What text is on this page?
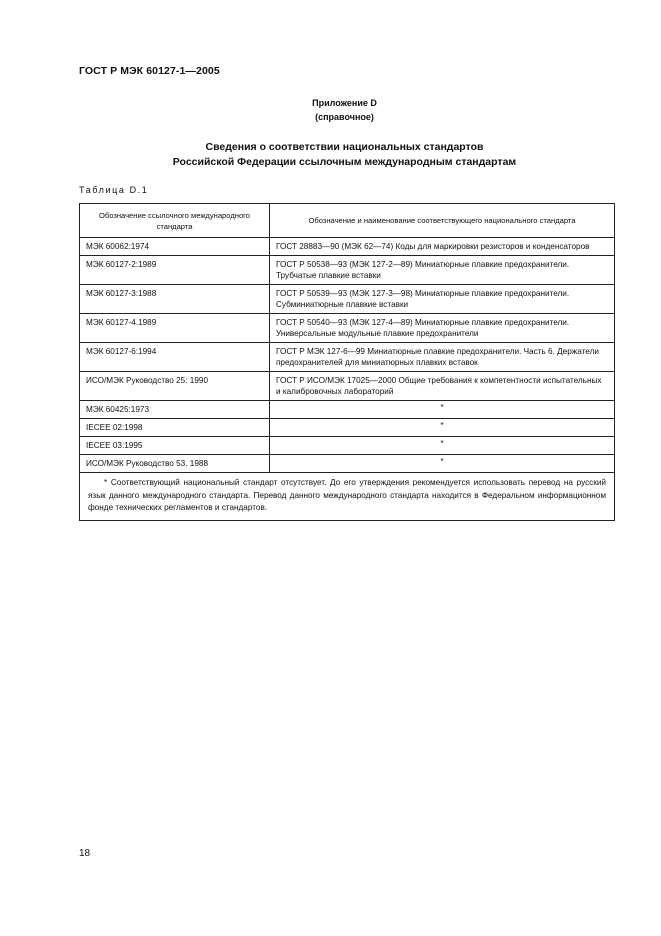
ГОСТ Р МЭК 60127-1—2005
Приложение D
(справочное)
Сведения о соответствии национальных стандартов
Российской Федерации ссылочным международным стандартам
Таблица D.1
Обозначение ссылочного международного стандарта	Обозначение и наименование соответствующего национального стандарта
МЭК 60062:1974	ГОСТ 28883—90 (МЭК 62—74) Коды для маркировки резисторов и конденсаторов
МЭК 60127-2:1989	ГОСТ Р 50538—93 (МЭК 127-2—89) Миниатюрные плавкие предохранители. Трубчатые плавкие вставки
МЭК 60127-3:1988	ГОСТ Р 50539—93 (МЭК 127-3—98) Миниатюрные плавкие предохранители. Субминиатюрные плавкие вставки
МЭК 60127-4.1989	ГОСТ Р 50540—93 (МЭК 127-4—89) Миниатюрные плавкие предохранители. Универсальные модульные плавкие предохранители
МЭК 60127-6:1994	ГОСТ Р МЭК 127-6—99 Миниатюрные плавкие предохранители. Часть 6. Держатели предохранителей для миниатюрных плавких вставок
ИСО/МЭК Руководство 25: 1990	ГОСТ Р ИСО/МЭК 17025—2000 Общие требования к компетентности испытательных и калибровочных лабораторий
МЭК 60425:1973	*
IECEE 02:1998	*
IECEE 03:1995	*
ИСО/МЭК Руководство 53. 1988	*

* Соответствующий национальный стандарт отсутствует. До его утверждения рекомендуется использовать перевод на русский язык данного международного стандарта. Перевод данного международного стандарта находится в Федеральном информационном фонде технических регламентов и стандартов.	
18
